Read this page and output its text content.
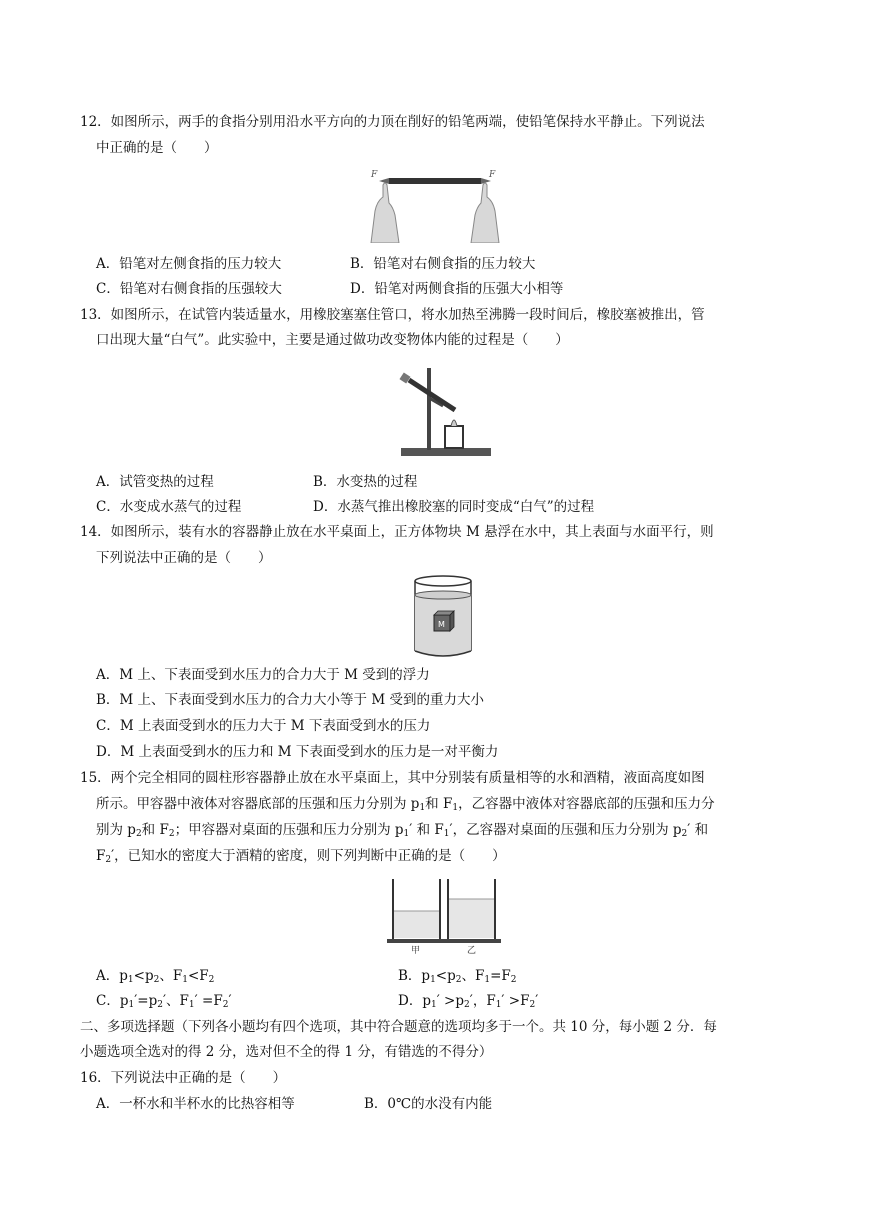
12．如图所示，两手的食指分别用沿水平方向的力顶在削好的铅笔两端，使铅笔保持水平静止。下列说法
中正确的是（　　）
F	F
A．铅笔对左侧食指的压力较大	B．铅笔对右侧食指的压力较大
C．铅笔对右侧食指的压强较大	D．铅笔对两侧食指的压强大小相等
13．如图所示，在试管内装适量水，用橡胶塞塞住管口，将水加热至沸腾一段时间后，橡胶塞被推出，管
口出现大量“白气”。此实验中，主要是通过做功改变物体内能的过程是（　　）
A．试管变热的过程	B．水变热的过程
C．水变成水蒸气的过程	D．水蒸气推出橡胶塞的同时变成“白气”的过程
14．如图所示，装有水的容器静止放在水平桌面上，正方体物块 M 悬浮在水中，其上表面与水面平行，则
下列说法中正确的是（　　）
M
A．M 上、下表面受到水压力的合力大于 M 受到的浮力
B．M 上、下表面受到水压力的合力大小等于 M 受到的重力大小
C．M 上表面受到水的压力大于 M 下表面受到水的压力
D．M 上表面受到水的压力和 M 下表面受到水的压力是一对平衡力
15．两个完全相同的圆柱形容器静止放在水平桌面上，其中分别装有质量相等的水和酒精，液面高度如图
所示。甲容器中液体对容器底部的压强和压力分别为 $p_1$和 $F_1$，乙容器中液体对容器底部的压强和压力分
别为 $p_2$和 $F_2$；甲容器对桌面的压强和压力分别为 $p_1'$ 和 $F_1'$，乙容器对桌面的压强和压力分别为 $p_2'$ 和
$F_2'$，已知水的密度大于酒精的密度，则下列判断中正确的是（　　）
甲	乙
A．$p_1<p_2$、$F_1<F_2$	B．$p_1<p_2$、$F_1=F_2$
C．$p_1'=p_2'$、$F_1' =F_2'$	D．$p_1' >p_2'$，$F_1' >F_2'$
二、多项选择题（下列各小题均有四个选项，其中符合题意的选项均多于一个。共 10 分，每小题 2 分．每
小题选项全选对的得 2 分，选对但不全的得 1 分，有错选的不得分）
16．下列说法中正确的是（　　）
A．一杯水和半杯水的比热容相等	B．0℃的水没有内能
